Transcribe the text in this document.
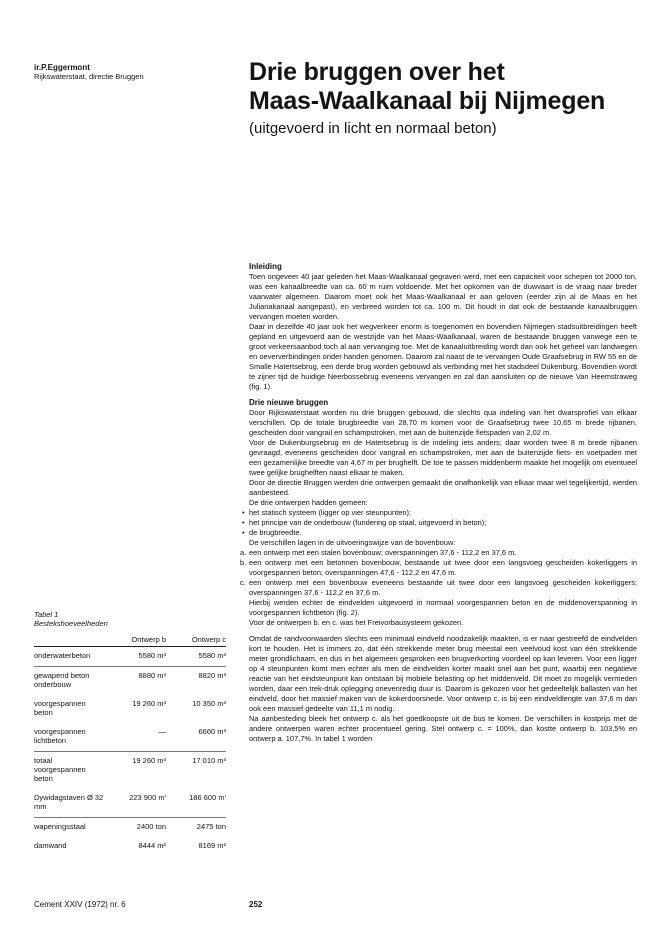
ir.P.Eggermont
Rijkswaterstaat, directie Bruggen	Drie bruggen over het
Maas-Waalkanaal bij Nijmegen
(uitgevoerd in licht en normaal beton)

Inleiding

Toen ongeveer 40 jaar geleden het Maas-Waalkanaal gegraven werd, met een capaciteit voor schepen tot 2000 ton, was een kanaalbreedte van ca. 60 m ruim voldoende. Met het opkomen van de duwvaart is de vraag naar breder vaarwater algemeen. Daarom moet ook het Maas-Waalkanaal er aan geloven (eerder zijn al de Maas en het Julianakanaal aangepast), en verbreed worden tot ca. 100 m. Dit houdt in dat ook de bestaande kanaalbruggen vervangen moeten worden.

Daar in dezelfde 40 jaar ook het wegverkeer enorm is toegenomen en bovendien Nijmegen stadsuitbreidingen heeft gepland en uitgevoerd aan de westzijde van het Maas-Waalkanaal, waren de bestaande bruggen vanwege een te groot verkeersaanbod toch al aan vervanging toe. Met de kanaaluitbreiding wordt dan ook het geheel van landwegen en oeververbindingen onder handen genomen. Daarom zal naast de te vervangen Oude Graafsebrug in RW 55 en de Smalle Hatertsebrug, een derde brug worden gebouwd als verbinding met het stadsdeel Dukenburg. Bovendien wordt te zijner tijd de huidige Neerbossebrug eveneens vervangen en zal dan aansluiten op de nieuwe Van Heemstraweg (fig. 1).

Drie nieuwe bruggen

Door Rijkswaterstaat worden nu drie bruggen gebouwd, die slechts qua indeling van het dwarsprofiel van elkaar verschillen. Op de totale brugbreedte van 28,70 m komen voor de Graafsebrug twee 10,65 m brede rijbanen, gescheiden door vangrail en schampstroken, met aan de buitenzijde fietspaden van 2,02 m.

Voor de Dukenburgsebrug en de Hatertsebrug is de indeling iets anders; daar worden twee 8 m brede rijbanen gevraagd, eveneens gescheiden door vangrail en schampstroken, met aan de buitenzijde fiets- en voetpaden met een gezamenlijke breedte van 4,67 m per brughelft. De toe te passen middenberm maakte het mogelijk om eventueel twee gelijke brughelften naast elkaar te maken.

Door de directie Bruggen werden drie ontwerpen gemaakt die onafhankelijk van elkaar maar wel tegelijkertijd, werden aanbesteed.

De drie ontwerpen hadden gemeen:

• het statisch systeem (ligger op vier steunpunten);
• het principe van de onderbouw (fundering op staal, uitgevoerd in beton);
• de brugbreedte.

De verschillen lagen in de uitvoeringswijze van de bovenbouw:

a. een ontwerp met een stalen bovenbouw; overspanningen 37,6 - 112,2 en 37,6 m.
b. een ontwerp met een betonnen bovenbouw, bestaande uit twee door een langsvoeg gescheiden kokerliggers in voorgespannen beton; overspanningen 47,6 - 112,2 en 47,6 m.
c. een ontwerp met een bovenbouw eveneens bestaande uit twee door een langsvoeg gescheiden kokerliggers; overspanningen 37,6 - 112,2 en 37,6 m.

Hierbij werden echter de eindvelden uitgevoerd in normaal voorgespannen beton en de middenoverspanning in voorgespannen lichtbeton (fig. 2).

Voor de ontwerpen b. en c. was het Freivorbausysteem gekozen.

Omdat de randvoorwaarden slechts een minimaal eindveld noodzakelijk maakten, is er naar gestreefd de eindvelden kort te houden. Het is immers zo, dat één strekkende meter brug meestal een veelvoud kost van één strekkende meter grondlichaam, en dus in het algemeen gesproken een brugverkorting voordeel op kan leveren. Voor een ligger op 4 steunpunten komt men echter als men de eindvelden korter maakt snel aan het punt, waarbij een negatieve reactie van het eindsteunpunt kan ontstaan bij mobiele belasting op het middenveld. Dit moet zo mogelijk vermeden worden, daar een trek-druk oplegging onevenredig duur is. Daarom is gekozen voor het gedeeltelijk ballasten van het eindveld, door het massief maken van de kokerdoorsnede. Voor ontwerp c. is bij een eindveldlengte van 37,6 m dan ook een massief gedeelte van 11,1 m nodig.

Na aanbesteding bleek het ontwerp c. als het goedkoopste uit de bus te komen. De verschillen in kostprijs met de andere ontwerpen waren echter procentueel gering. Stel ontwerp c. = 100%, dan kostte ontwerp b. 103,5% en ontwerp a. 107,7%. In tabel 1 worden

Tabel 1
Bestekshoeveelheden
	Ontwerp b	Ontwerp c
onderwaterbeton	5580 m³	5580 m³
gewapend beton onderbouw	8880 m³	8820 m³
voorgespannen beton	19 260 m³	10 350 m³
voorgespannen lichtbeton	—	6660 m³
totaal voorgespannen beton	19 260 m³	17 010 m³
Dywidagstaven Ø 32 mm	223 900 m'	186 600 m'
wapeningsstaal	2400 ton	2475 ton
damwand	8444 m²	8169 m²
Cement XXIV (1972) nr. 6	252
